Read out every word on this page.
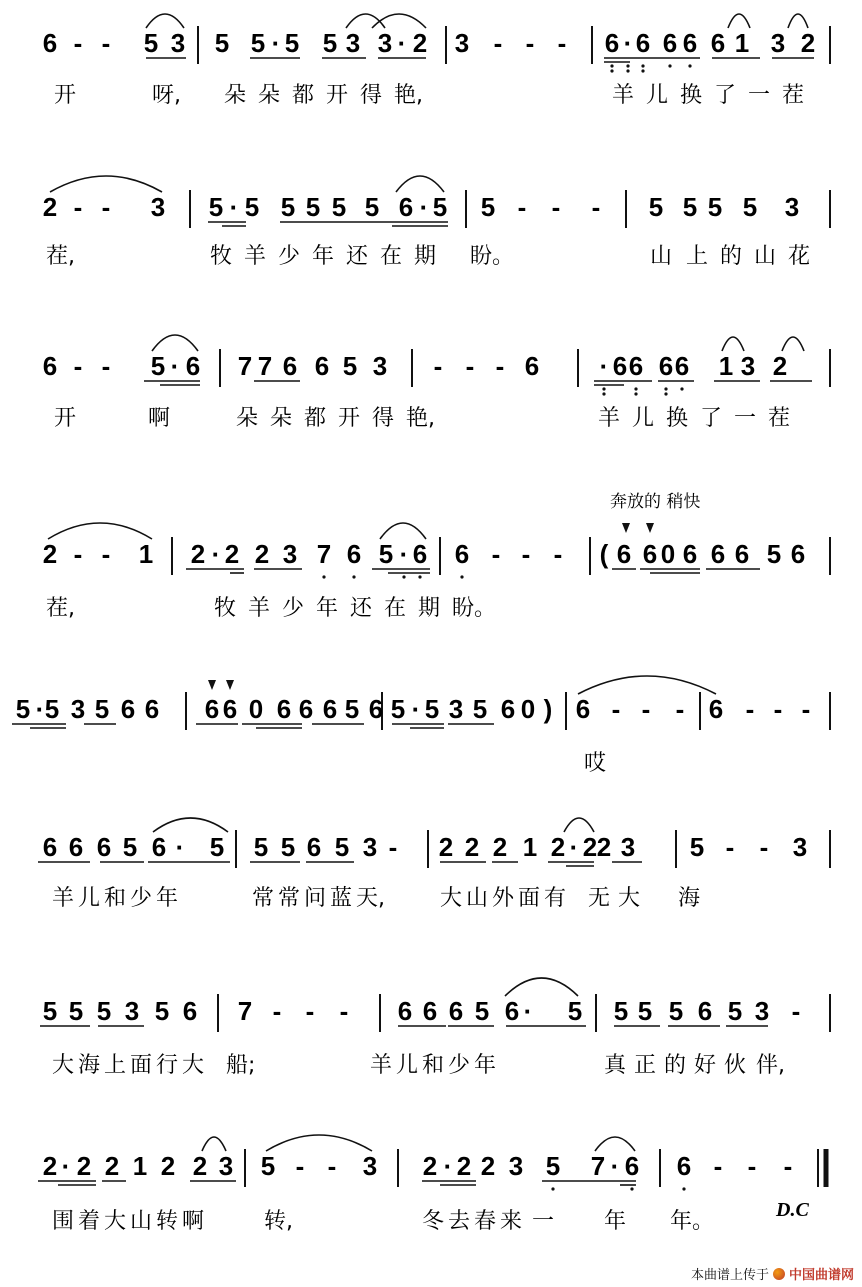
6 - - 5 3 5 5 · 5 5 3 3 · 2 3 - - - 6 · 6 6 6 6 1 3 2
开	呀, 朵 朵 都 开 得 艳,	羊 儿 换 了 一 茬
2 - - 3 5 · 5 5 5 5 5 6 · 5 5 - - - 5 5 5 5 3
茬,	牧 羊 少 年 还 在 期 盼。	山 上 的 山 花
6 - - 5 · 6 7 7 6 6 5 3 - - - 6 · 6 6 6 6 1 3 2
开	啊	朵 朵 都 开 得 艳,	羊 儿 换 了 一 茬
2 - - 1 2 · 2 2 3 7 6 5 · 6 6 - - - ( 6 6 0 6 6 6 5 6
茬,	牧 羊 少 年 还 在 期 盼。
奔放的 稍快
5 · 5 3 5 6 6 6 6 0 6 6 6 5 6 5 · 5 3 5 6 0 ) 6 - - - 6 - - -
哎
6 6 6 5 6 · 5 5 5 6 5 3 - 2 2 2 1 2 · 2 2 3 5 - - 3
羊 儿 和 少 年	常 常 问 蓝 天,	大 山 外 面 有 无 大 海
5 5 5 3 5 6 7 - - - 6 6 6 5 6 · 5 5 5 5 6 5 3 -
大 海 上 面 行 大 船;	羊 儿 和 少 年	真 正 的 好 伙 伴,
2 · 2 2 1 2 2 3 5 - - 3 2 · 2 2 3 5 7 · 6 6 - - -
围 着 大 山 转 啊	转,	冬 去 春 来 一 年 年。	D.C
本曲谱上传于 中国曲谱网
